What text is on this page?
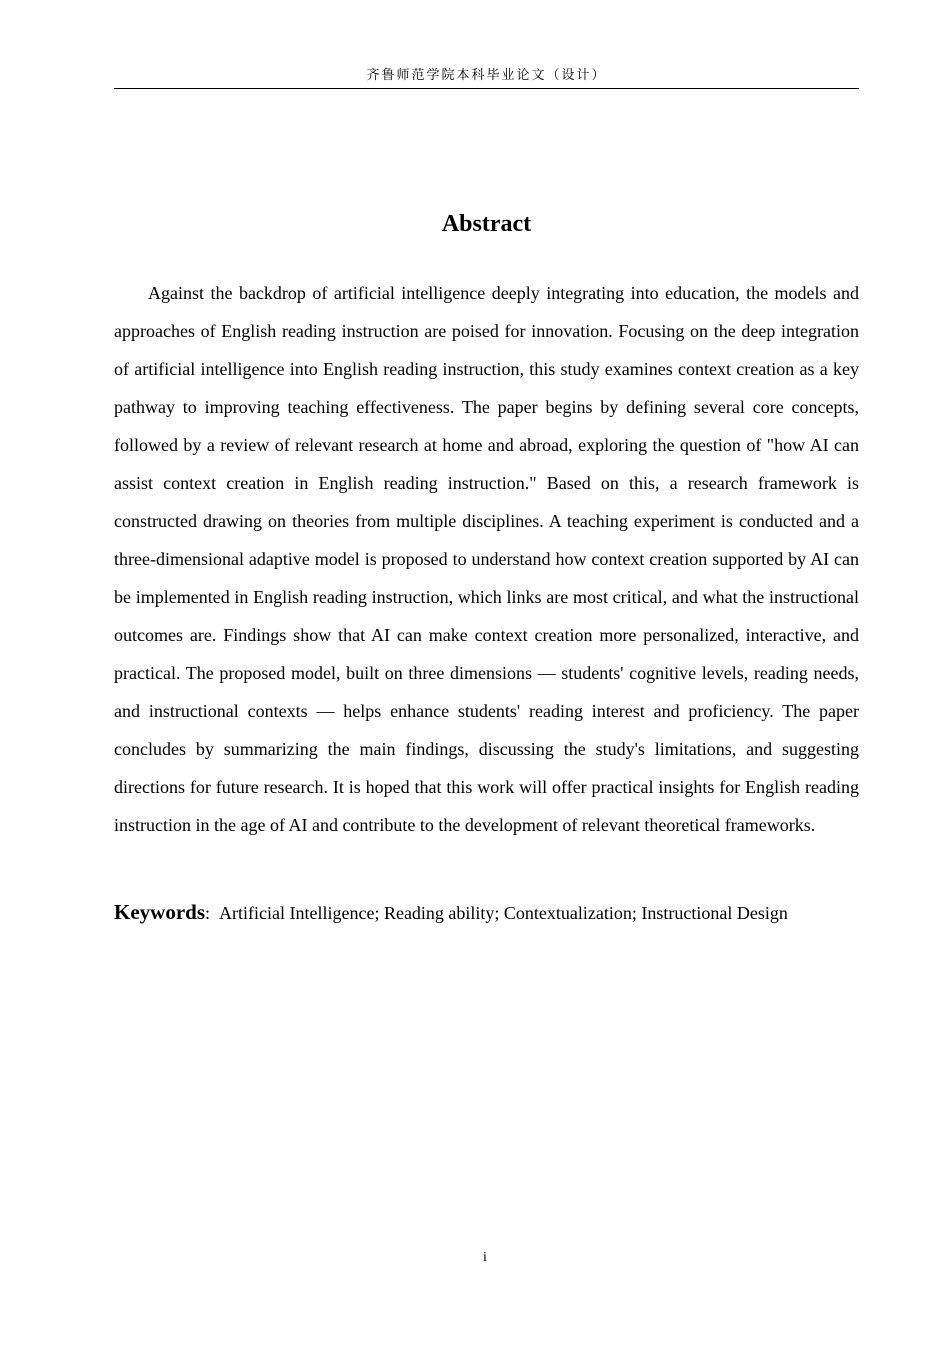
齐鲁师范学院本科毕业论文（设计）
Abstract

Against the backdrop of artificial intelligence deeply integrating into education, the models and approaches of English reading instruction are poised for innovation. Focusing on the deep integration of artificial intelligence into English reading instruction, this study examines context creation as a key pathway to improving teaching effectiveness. The paper begins by defining several core concepts, followed by a review of relevant research at home and abroad, exploring the question of "how AI can assist context creation in English reading instruction." Based on this, a research framework is constructed drawing on theories from multiple disciplines. A teaching experiment is conducted and a three-dimensional adaptive model is proposed to understand how context creation supported by AI can be implemented in English reading instruction, which links are most critical, and what the instructional outcomes are. Findings show that AI can make context creation more personalized, interactive, and practical. The proposed model, built on three dimensions — students' cognitive levels, reading needs, and instructional contexts — helps enhance students' reading interest and proficiency. The paper concludes by summarizing the main findings, discussing the study's limitations, and suggesting directions for future research. It is hoped that this work will offer practical insights for English reading instruction in the age of AI and contribute to the development of relevant theoretical frameworks.

Keywords: Artificial Intelligence; Reading ability; Contextualization; Instructional Design

i
